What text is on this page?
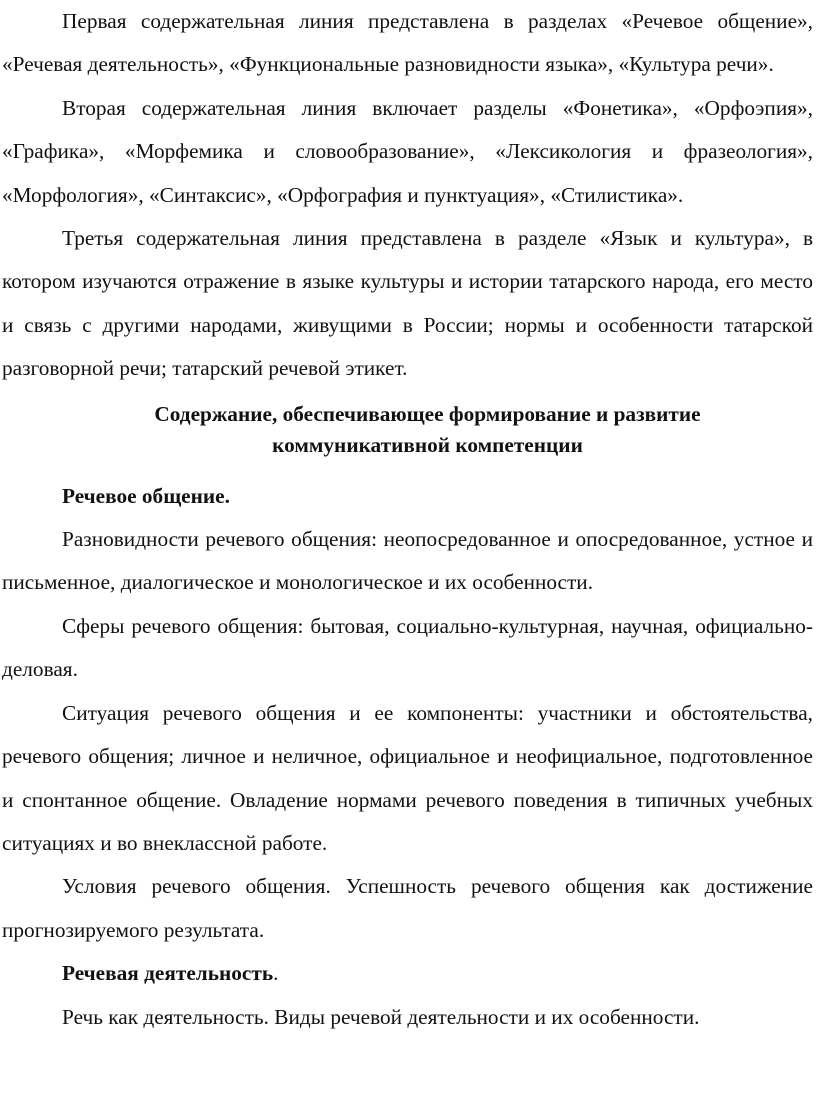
Первая содержательная линия представлена в разделах «Речевое общение», «Речевая деятельность», «Функциональные разновидности языка», «Культура речи».

Вторая содержательная линия включает разделы «Фонетика», «Орфоэпия», «Графика», «Морфемика и словообразование», «Лексикология и фразеология», «Морфология», «Синтаксис», «Орфография и пунктуация», «Стилистика».

Третья содержательная линия представлена в разделе «Язык и культура», в котором изучаются отражение в языке культуры и истории татарского народа, его место и связь с другими народами, живущими в России; нормы и особенности татарской разговорной речи; татарский речевой этикет.

Содержание, обеспечивающее формирование и развитие

коммуникативной компетенции

Речевое общение.

Разновидности речевого общения: неопосредованное и опосредованное, устное и письменное, диалогическое и монологическое и их особенности.

Сферы речевого общения: бытовая, социально-культурная, научная, официально-деловая.

Ситуация речевого общения и ее компоненты: участники и обстоятельства, речевого общения; личное и неличное, официальное и неофициальное, подготовленное и спонтанное общение. Овладение нормами речевого поведения в типичных учебных ситуациях и во внеклассной работе.

Условия речевого общения. Успешность речевого общения как достижение прогнозируемого результата.

Речевая деятельность.

Речь как деятельность. Виды речевой деятельности и их особенности.
